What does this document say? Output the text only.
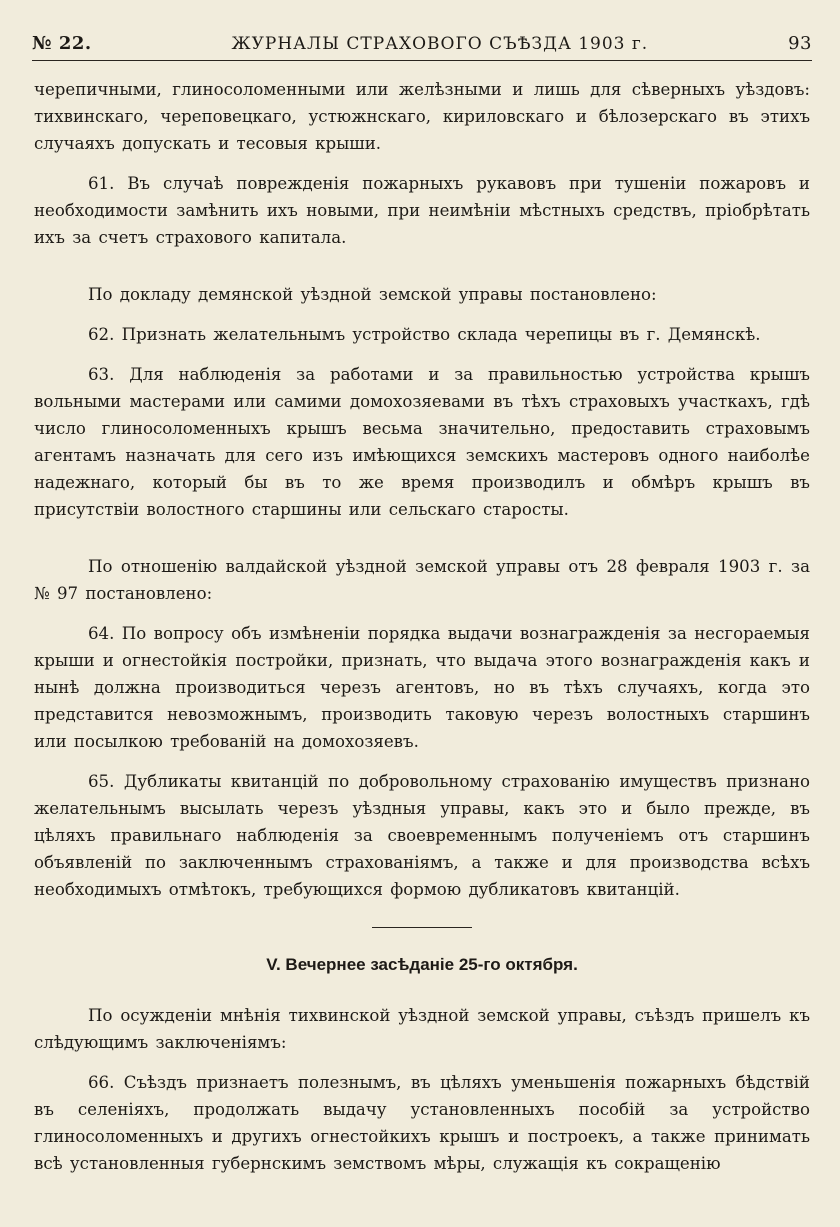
№ 22.	ЖУРНАЛЫ СТРАХОВОГО СЪѢЗДА 1903 г.	93

черепичными, глиносоломенными или желѣзными и лишь для сѣверныхъ уѣздовъ: тихвинскаго, череповецкаго, устюжнскаго, кириловскаго и бѣлозерскаго въ этихъ случаяхъ допускать и тесовыя крыши.

61. Въ случаѣ поврежденія пожарныхъ рукавовъ при тушеніи пожаровъ и необходимости замѣнить ихъ новыми, при неимѣніи мѣстныхъ средствъ, пріобрѣтать ихъ за счетъ страхового капитала.

По докладу демянской уѣздной земской управы постановлено:

62. Признать желательнымъ устройство склада черепицы въ г. Демянскѣ.

63. Для наблюденія за работами и за правильностью устройства крышъ вольными мастерами или самими домохозяевами въ тѣхъ страховыхъ участкахъ, гдѣ число глиносоломенныхъ крышъ весьма значительно, предоставить страховымъ агентамъ назначать для сего изъ имѣющихся земскихъ мастеровъ одного наиболѣе надежнаго, который бы въ то же время производилъ и обмѣръ крышъ въ присутствіи волостного старшины или сельскаго старосты.

По отношенію валдайской уѣздной земской управы отъ 28 февраля 1903 г. за № 97 постановлено:

64. По вопросу объ измѣненіи порядка выдачи вознагражденія за несгораемыя крыши и огнестойкія постройки, признать, что выдача этого вознагражденія какъ и нынѣ должна производиться черезъ агентовъ, но въ тѣхъ случаяхъ, когда это представится невозможнымъ, производить таковую черезъ волостныхъ старшинъ или посылкою требованій на домохозяевъ.

65. Дубликаты квитанцій по добровольному страхованію имуществъ признано желательнымъ высылать черезъ уѣздныя управы, какъ это и было прежде, въ цѣляхъ правильнаго наблюденія за своевременнымъ полученіемъ отъ старшинъ объявленій по заключеннымъ страхованіямъ, а также и для производства всѣхъ необходимыхъ отмѣтокъ, требующихся формою дубликатовъ квитанцій.

V. Вечернее засѣданіе 25-го октября.

По осужденіи мнѣнія тихвинской уѣздной земской управы, съѣздъ пришелъ къ слѣдующимъ заключеніямъ:

66. Съѣздъ признаетъ полезнымъ, въ цѣляхъ уменьшенія пожарныхъ бѣдствій въ селеніяхъ, продолжать выдачу установленныхъ пособій за устройство глиносоломенныхъ и другихъ огнестойкихъ крышъ и построекъ, а также принимать всѣ установленныя губернскимъ земствомъ мѣры, служащія къ сокращенію
